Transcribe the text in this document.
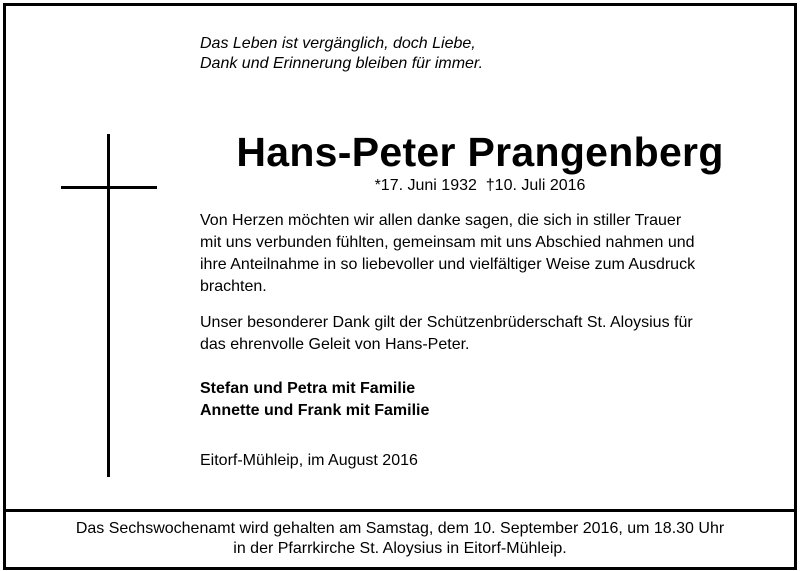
Das Leben ist vergänglich, doch Liebe,
Dank und Erinnerung bleiben für immer.
Hans-Peter Prangenberg
*17. Juni 1932  †10. Juli 2016
Von Herzen möchten wir allen danke sagen, die sich in stiller Trauer
mit uns verbunden fühlten, gemeinsam mit uns Abschied nahmen und
ihre Anteilnahme in so liebevoller und vielfältiger Weise zum Ausdruck
brachten.
Unser besonderer Dank gilt der Schützenbrüderschaft St. Aloysius für
das ehrenvolle Geleit von Hans-Peter.
Stefan und Petra mit Familie
Annette und Frank mit Familie
Eitorf-Mühleip, im August 2016
Das Sechswochenamt wird gehalten am Samstag, dem 10. September 2016, um 18.30 Uhr
in der Pfarrkirche St. Aloysius in Eitorf-Mühleip.
